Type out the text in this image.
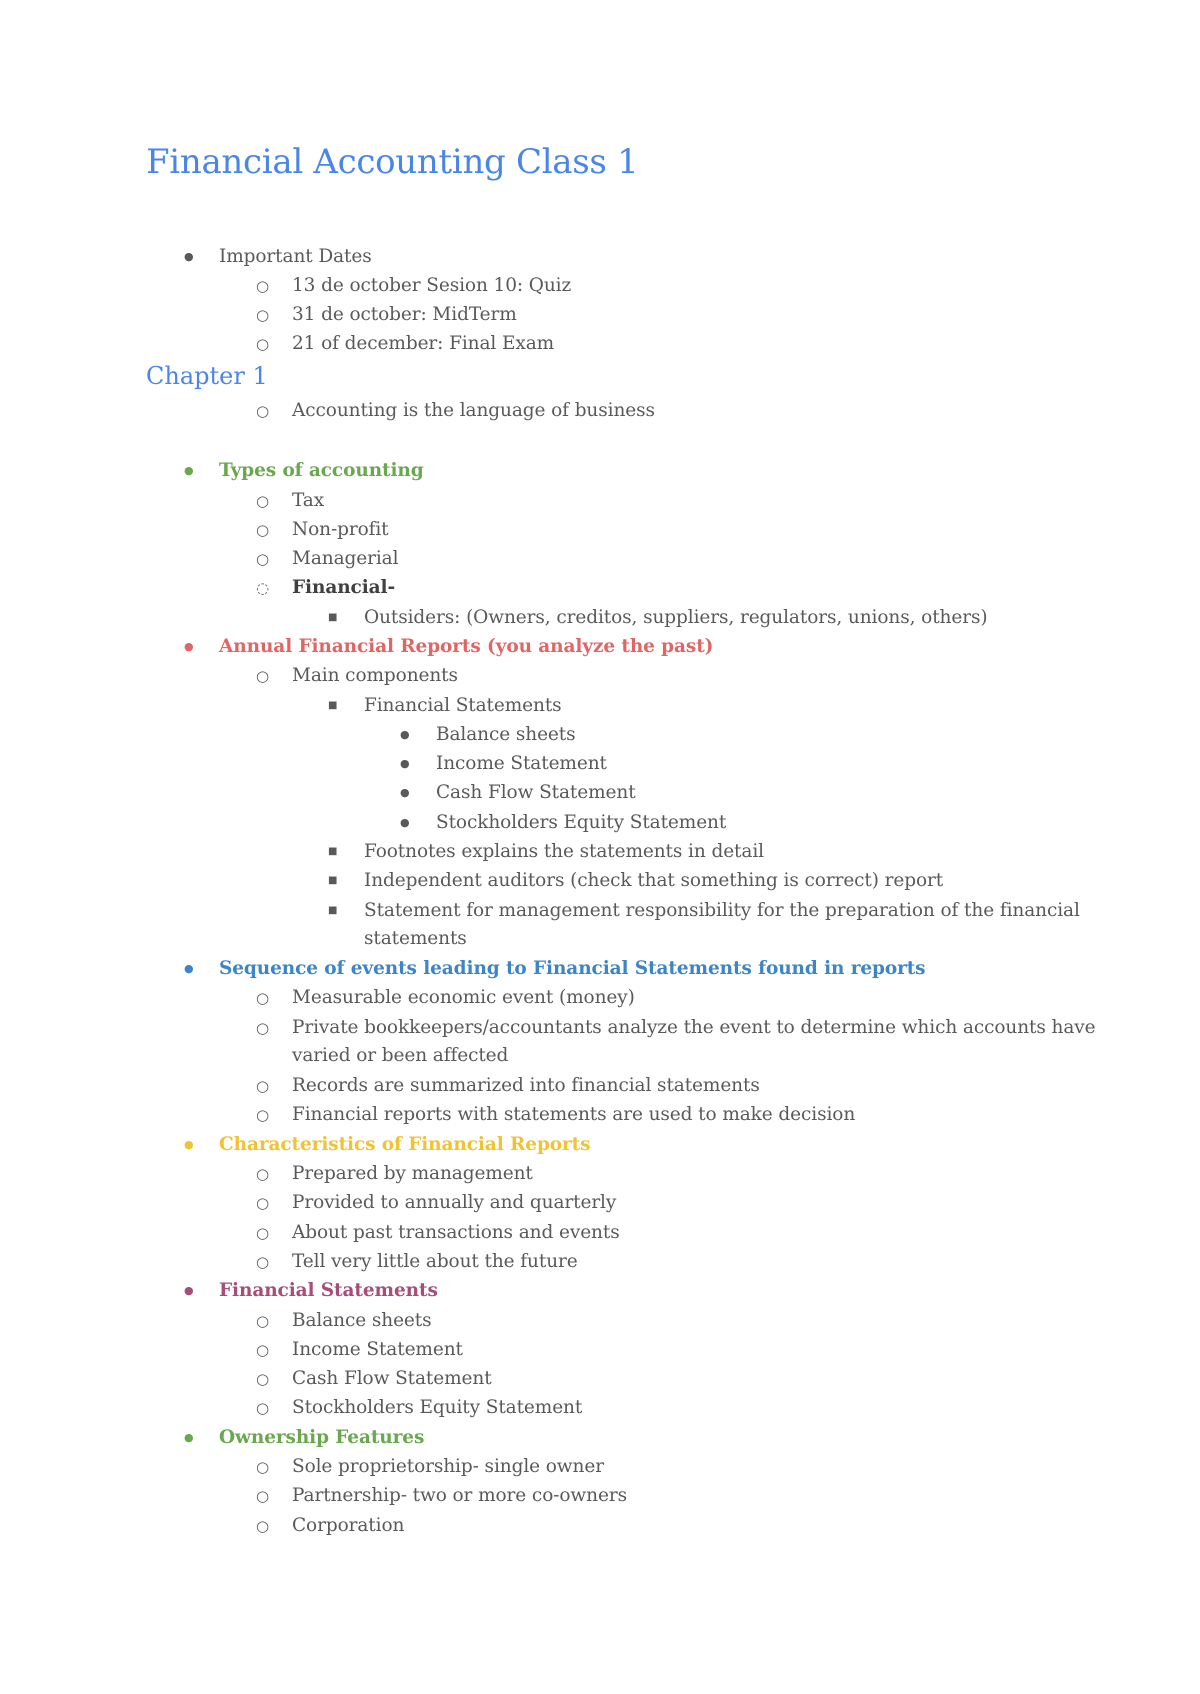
Financial Accounting Class 1
● Important Dates
○ 13 de october Sesion 10: Quiz
○ 31 de october: MidTerm
○ 21 of december: Final Exam
Chapter 1
○ Accounting is the language of business
● Types of accounting
○ Tax
○ Non-profit
○ Managerial
◌ Financial-
■ Outsiders: (Owners, creditos, suppliers, regulators, unions, others)
● Annual Financial Reports (you analyze the past)
○ Main components
■ Financial Statements
● Balance sheets
● Income Statement
● Cash Flow Statement
● Stockholders Equity Statement
■ Footnotes explains the statements in detail
■ Independent auditors (check that something is correct) report
■ Statement for management responsibility for the preparation of the financial
statements
● Sequence of events leading to Financial Statements found in reports
○ Measurable economic event (money)
○ Private bookkeepers/accountants analyze the event to determine which accounts have
varied or been affected
○ Records are summarized into financial statements
○ Financial reports with statements are used to make decision
● Characteristics of Financial Reports
○ Prepared by management
○ Provided to annually and quarterly
○ About past transactions and events
○ Tell very little about the future
● Financial Statements
○ Balance sheets
○ Income Statement
○ Cash Flow Statement
○ Stockholders Equity Statement
● Ownership Features
○ Sole proprietorship- single owner
○ Partnership- two or more co-owners
○ Corporation
